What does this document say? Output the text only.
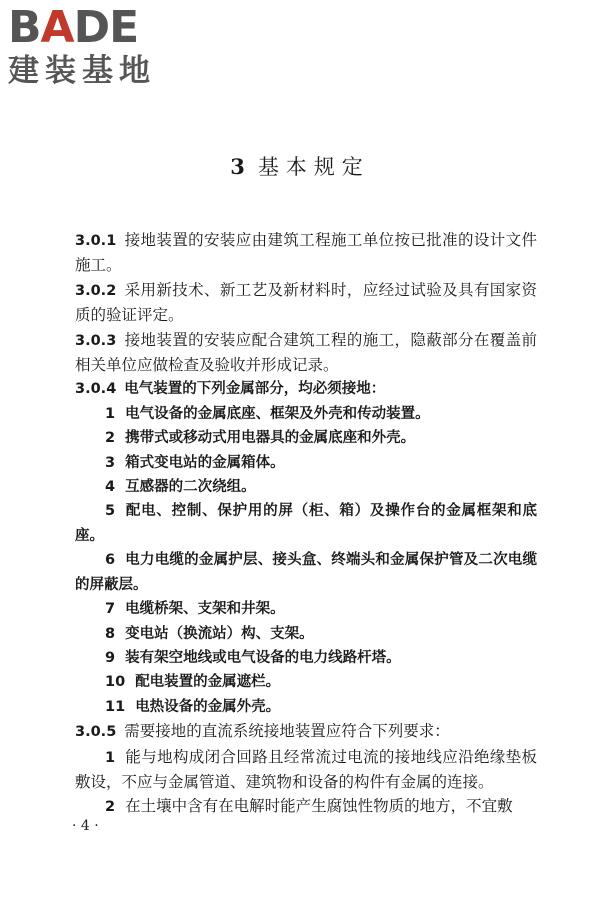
BADE
建装基地
3 基本规定
3.0.1 接地装置的安装应由建筑工程施工单位按已批准的设计文件施工。
3.0.2 采用新技术、新工艺及新材料时，应经过试验及具有国家资质的验证评定。
3.0.3 接地装置的安装应配合建筑工程的施工，隐蔽部分在覆盖前相关单位应做检查及验收并形成记录。
3.0.4 电气装置的下列金属部分，均必须接地：
1 电气设备的金属底座、框架及外壳和传动装置。
2 携带式或移动式用电器具的金属底座和外壳。
3 箱式变电站的金属箱体。
4 互感器的二次绕组。
5 配电、控制、保护用的屏（柜、箱）及操作台的金属框架和底座。
6 电力电缆的金属护层、接头盒、终端头和金属保护管及二次电缆的屏蔽层。
7 电缆桥架、支架和井架。
8 变电站（换流站）构、支架。
9 装有架空地线或电气设备的电力线路杆塔。
10 配电装置的金属遮栏。
11 电热设备的金属外壳。
3.0.5 需要接地的直流系统接地装置应符合下列要求：
1 能与地构成闭合回路且经常流过电流的接地线应沿绝缘垫板敷设，不应与金属管道、建筑物和设备的构件有金属的连接。
2 在土壤中含有在电解时能产生腐蚀性物质的地方，不宜敷
· 4 ·
